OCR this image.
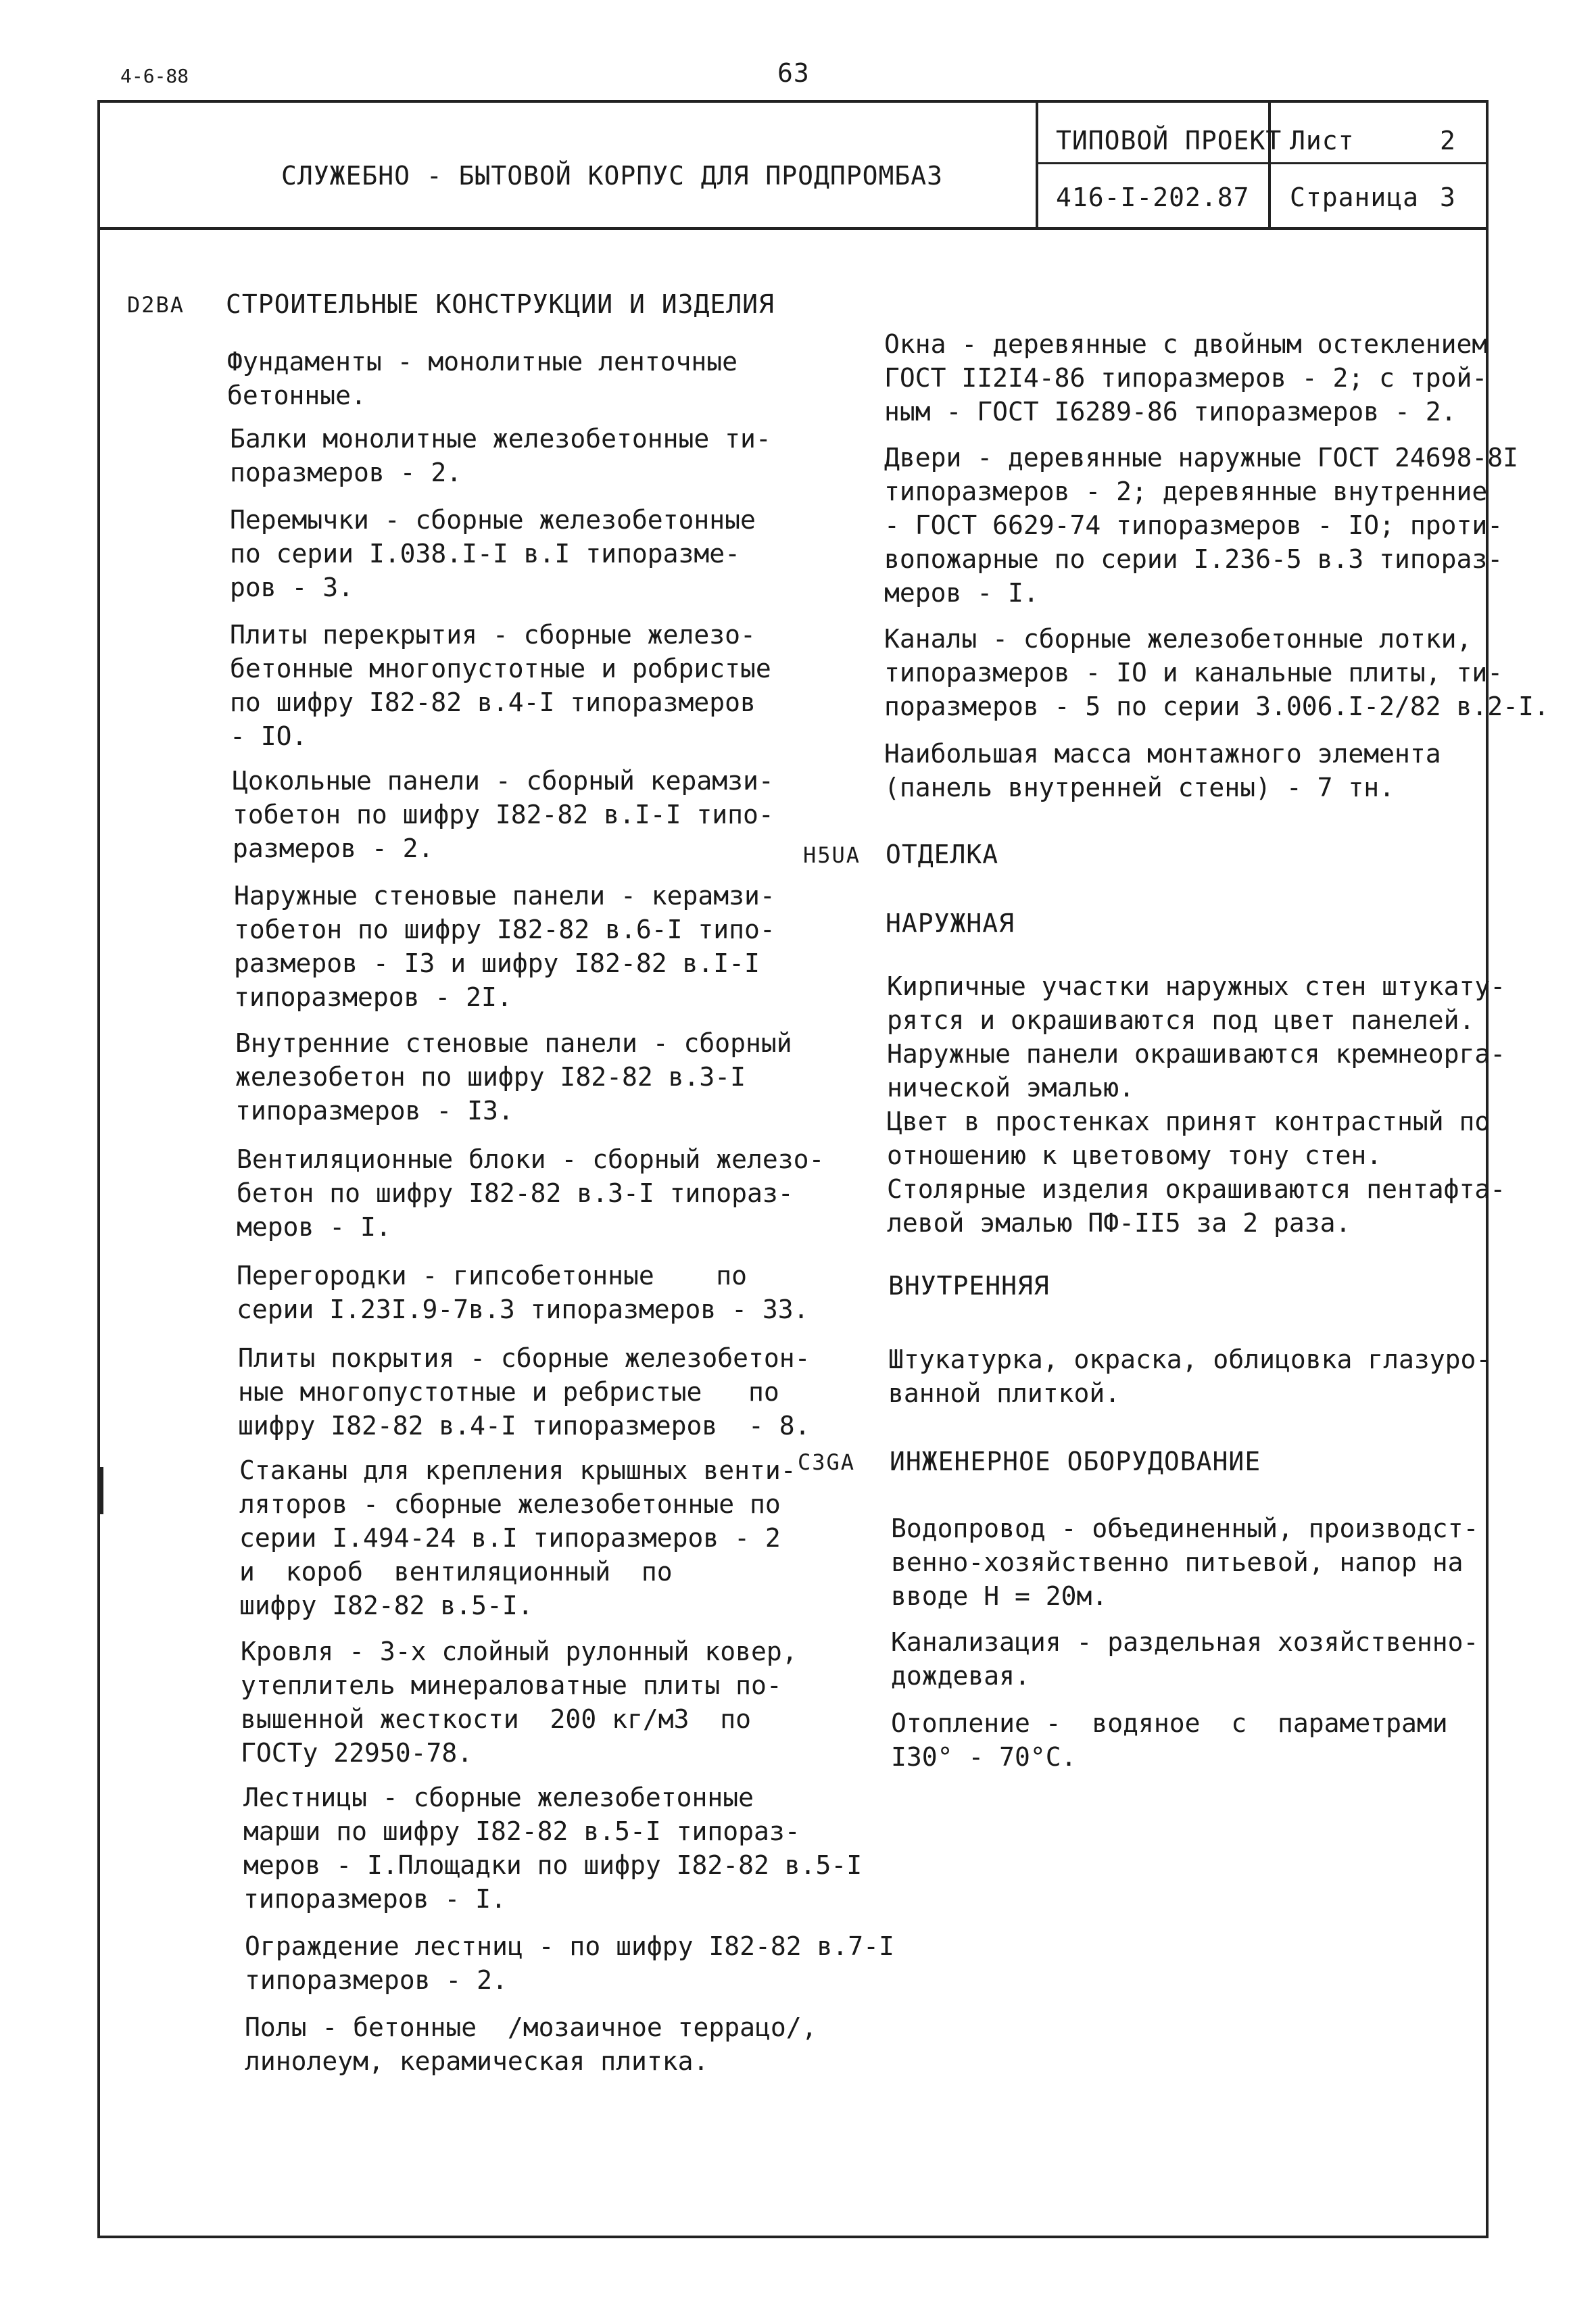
4-6-88	63
СЛУЖЕБНО - БЫТОВОЙ КОРПУС ДЛЯ ПРОДПРОМБАЗ
ТИПОВОЙ ПРОЕКТ
416-I-202.87
Лист	2
Страница 3
D2BA СТРОИТЕЛЬНЫЕ КОНСТРУКЦИИ И ИЗДЕЛИЯ
Фундаменты - монолитные ленточные
бетонные.
Балки монолитные железобетонные ти-
поразмеров - 2.
Перемычки - сборные железобетонные
по серии I.038.I-I в.I типоразме-
ров - 3.
Плиты перекрытия - сборные железо-
бетонные многопустотные и робристые
по шифру I82-82 в.4-I типоразмеров
- IO.
Цокольные панели - сборный керамзи-
тобетон по шифру I82-82 в.I-I типо-
размеров - 2.
Наружные стеновые панели - керамзи-
тобетон по шифру I82-82 в.6-I типо-
размеров - I3 и шифру I82-82 в.I-I
типоразмеров - 2I.
Внутренние стеновые панели - сборный
железобетон по шифру I82-82 в.3-I
типоразмеров - I3.
Вентиляционные блоки - сборный железо-
бетон по шифру I82-82 в.3-I типораз-
меров - I.
Перегородки - гипсобетонные    по
серии I.23I.9-7в.3 типоразмеров - 33.
Плиты покрытия - сборные железобетон-
ные многопустотные и ребристые   по
шифру I82-82 в.4-I типоразмеров  - 8.
Стаканы для крепления крышных венти-
ляторов - сборные железобетонные по
серии I.494-24 в.I типоразмеров - 2
и  короб  вентиляционный  по
шифру I82-82 в.5-I.
Кровля - 3-х слойный рулонный ковер,
утеплитель минераловатные плиты по-
вышенной жесткости  200 кг/м3  по
ГОСТу 22950-78.
Лестницы - сборные железобетонные
марши по шифру I82-82 в.5-I типораз-
меров - I.Площадки по шифру I82-82 в.5-I
типоразмеров - I.
Ограждение лестниц - по шифру I82-82 в.7-I
типоразмеров - 2.
Полы - бетонные  /мозаичное террацо/,
линолеум, керамическая плитка.
Окна - деревянные с двойным остеклением
ГОСТ II2I4-86 типоразмеров - 2; с трой-
ным - ГОСТ I6289-86 типоразмеров - 2.
Двери - деревянные наружные ГОСТ 24698-8I
типоразмеров - 2; деревянные внутренние
- ГОСТ 6629-74 типоразмеров - IO; проти-
вопожарные по серии I.236-5 в.3 типораз-
меров - I.
Каналы - сборные железобетонные лотки,
типоразмеров - IO и канальные плиты, ти-
поразмеров - 5 по серии 3.006.I-2/82 в.2-I.
Наибольшая масса монтажного элемента
(панель внутренней стены) - 7 тн.
H5UA ОТДЕЛКА
НАРУЖНАЯ
Кирпичные участки наружных стен штукату-
рятся и окрашиваются под цвет панелей.
Наружные панели окрашиваются кремнеорга-
нической эмалью.
Цвет в простенках принят контрастный по
отношению к цветовому тону стен.
Столярные изделия окрашиваются пентафта-
левой эмалью ПФ-II5 за 2 раза.
ВНУТРЕННЯЯ
Штукатурка, окраска, облицовка глазуро-
ванной плиткой.
C3GA ИНЖЕНЕРНОЕ ОБОРУДОВАНИЕ
Водопровод - объединенный, производст-
венно-хозяйственно питьевой, напор на
вводе Н = 20м.
Канализация - раздельная хозяйственно-
дождевая.
Отопление -  водяное  с  параметрами
I30° - 70°C.
